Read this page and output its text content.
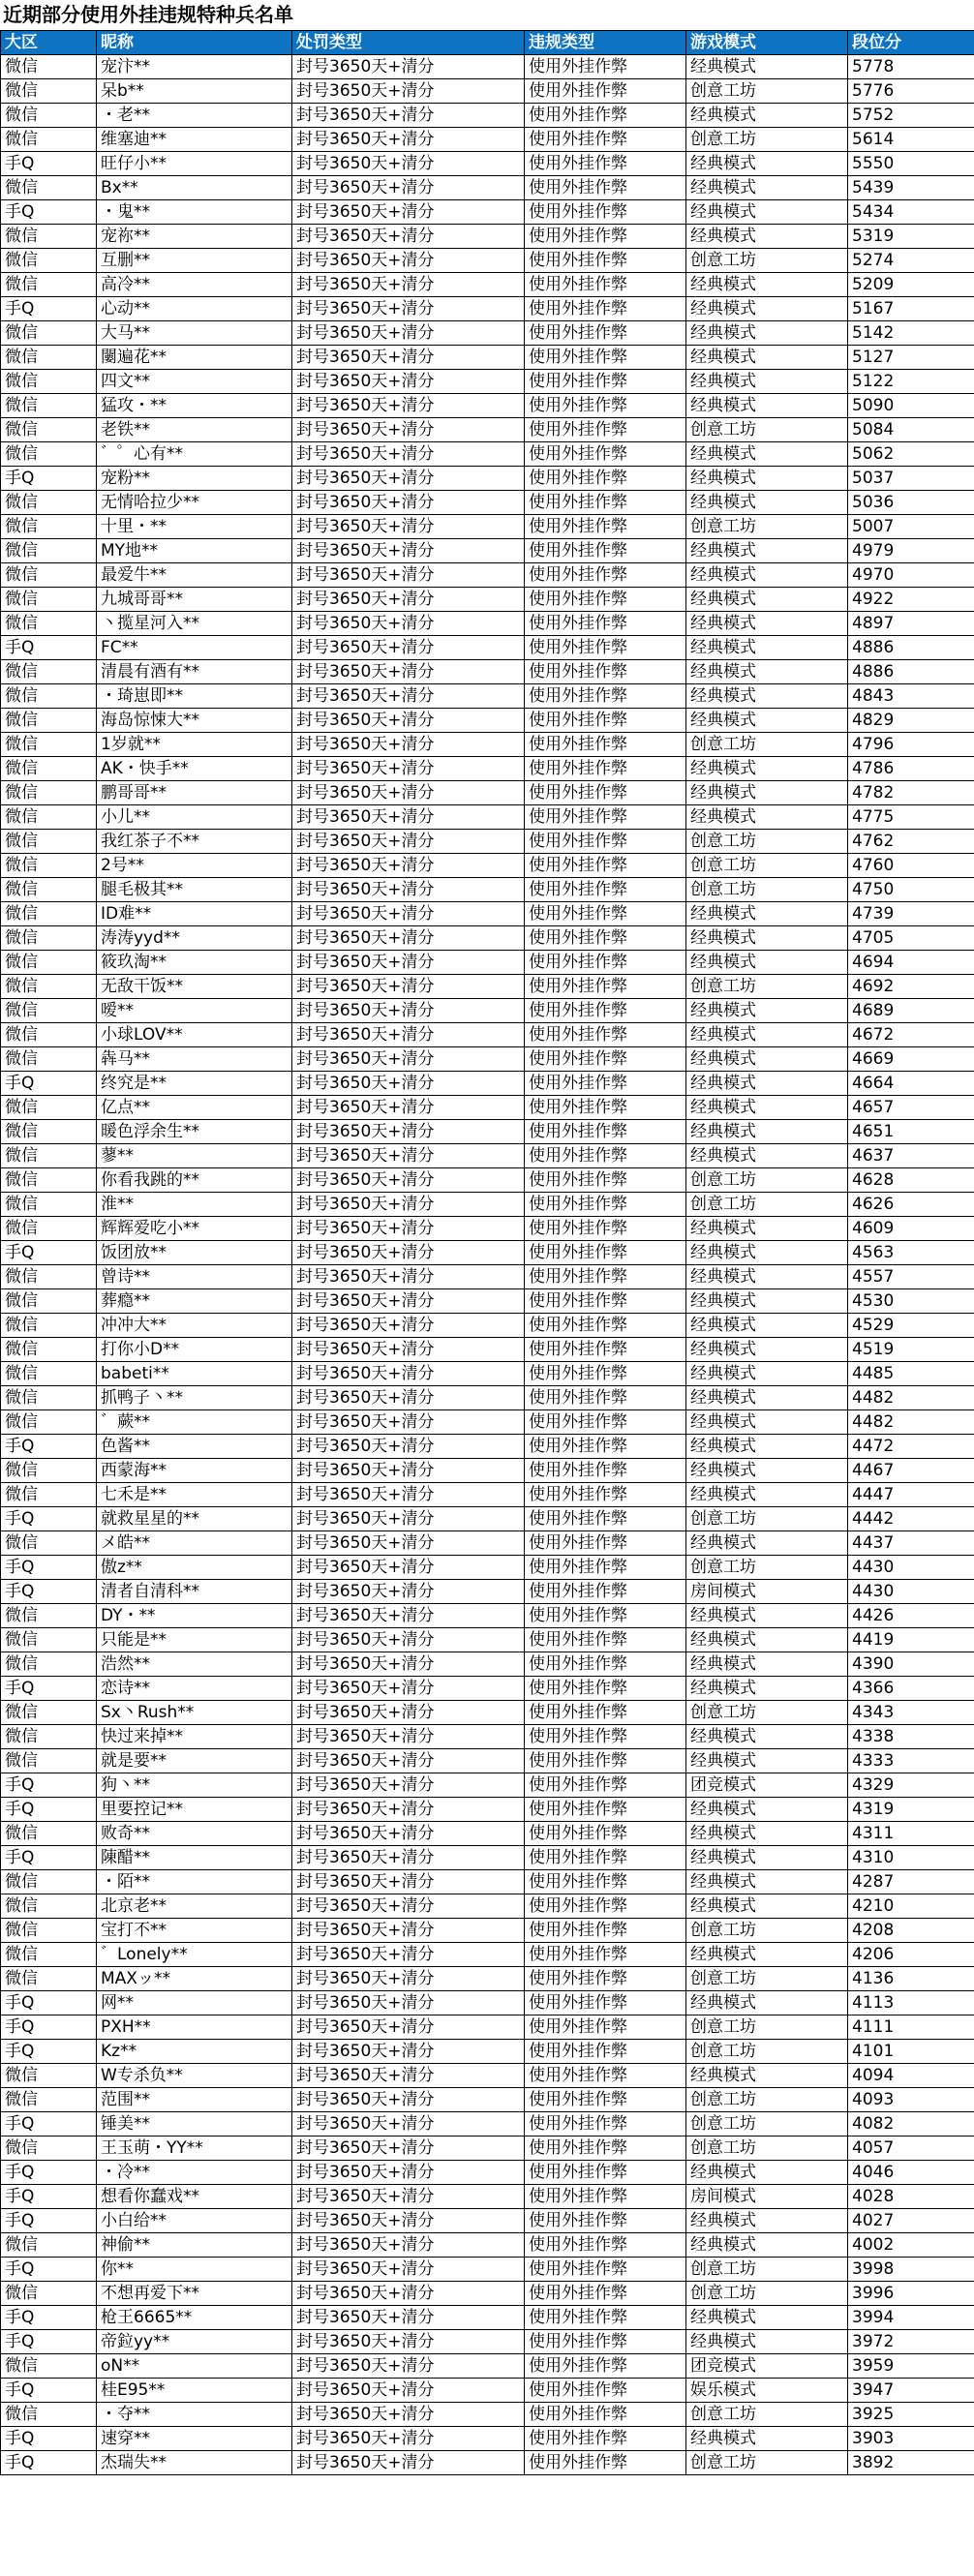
近期部分使用外挂违规特种兵名单
大区	昵称	处罚类型	违规类型	游戏模式	段位分
微信	宠汴**	封号3650天+清分	使用外挂作弊	经典模式	5778
微信	呆b**	封号3650天+清分	使用外挂作弊	创意工坊	5776
微信	・老**	封号3650天+清分	使用外挂作弊	经典模式	5752
微信	维塞迪**	封号3650天+清分	使用外挂作弊	创意工坊	5614
手Q	旺仔小**	封号3650天+清分	使用外挂作弊	经典模式	5550
微信	Bx**	封号3650天+清分	使用外挂作弊	经典模式	5439
手Q	・鬼**	封号3650天+清分	使用外挂作弊	经典模式	5434
微信	宠祢**	封号3650天+清分	使用外挂作弊	经典模式	5319
微信	互删**	封号3650天+清分	使用外挂作弊	创意工坊	5274
微信	高冷**	封号3650天+清分	使用外挂作弊	经典模式	5209
手Q	心动**	封号3650天+清分	使用外挂作弊	经典模式	5167
微信	大马**	封号3650天+清分	使用外挂作弊	经典模式	5142
微信	闄遍花**	封号3650天+清分	使用外挂作弊	经典模式	5127
微信	四文**	封号3650天+清分	使用外挂作弊	经典模式	5122
微信	猛攻・**	封号3650天+清分	使用外挂作弊	经典模式	5090
微信	老铁**	封号3650天+清分	使用外挂作弊	创意工坊	5084
微信	゛゜心有**	封号3650天+清分	使用外挂作弊	经典模式	5062
手Q	宠粉**	封号3650天+清分	使用外挂作弊	经典模式	5037
微信	无情哈拉少**	封号3650天+清分	使用外挂作弊	经典模式	5036
微信	十里・**	封号3650天+清分	使用外挂作弊	创意工坊	5007
微信	MY地**	封号3650天+清分	使用外挂作弊	经典模式	4979
微信	最爱牛**	封号3650天+清分	使用外挂作弊	经典模式	4970
微信	九城哥哥**	封号3650天+清分	使用外挂作弊	经典模式	4922
微信	丶揽星河入**	封号3650天+清分	使用外挂作弊	经典模式	4897
手Q	FC**	封号3650天+清分	使用外挂作弊	经典模式	4886
微信	清晨有酒有**	封号3650天+清分	使用外挂作弊	经典模式	4886
微信	・琦崽即**	封号3650天+清分	使用外挂作弊	经典模式	4843
微信	海岛惊悚大**	封号3650天+清分	使用外挂作弊	经典模式	4829
微信	1岁就**	封号3650天+清分	使用外挂作弊	创意工坊	4796
微信	AK・快手**	封号3650天+清分	使用外挂作弊	经典模式	4786
微信	鹏哥哥**	封号3650天+清分	使用外挂作弊	经典模式	4782
微信	小儿**	封号3650天+清分	使用外挂作弊	经典模式	4775
微信	我红茶子不**	封号3650天+清分	使用外挂作弊	创意工坊	4762
微信	2号**	封号3650天+清分	使用外挂作弊	创意工坊	4760
微信	腿毛极其**	封号3650天+清分	使用外挂作弊	创意工坊	4750
微信	ID难**	封号3650天+清分	使用外挂作弊	经典模式	4739
微信	涛涛yyd**	封号3650天+清分	使用外挂作弊	经典模式	4705
微信	筱玖淘**	封号3650天+清分	使用外挂作弊	经典模式	4694
微信	无敌干饭**	封号3650天+清分	使用外挂作弊	创意工坊	4692
微信	嗳**	封号3650天+清分	使用外挂作弊	经典模式	4689
微信	小球LOV**	封号3650天+清分	使用外挂作弊	经典模式	4672
微信	犇马**	封号3650天+清分	使用外挂作弊	经典模式	4669
手Q	终究是**	封号3650天+清分	使用外挂作弊	经典模式	4664
微信	亿点**	封号3650天+清分	使用外挂作弊	经典模式	4657
微信	暖色浮余生**	封号3650天+清分	使用外挂作弊	经典模式	4651
微信	蓼**	封号3650天+清分	使用外挂作弊	经典模式	4637
微信	你看我跳的**	封号3650天+清分	使用外挂作弊	创意工坊	4628
微信	淮**	封号3650天+清分	使用外挂作弊	创意工坊	4626
微信	辉辉爱吃小**	封号3650天+清分	使用外挂作弊	经典模式	4609
手Q	饭团放**	封号3650天+清分	使用外挂作弊	经典模式	4563
微信	曾诗**	封号3650天+清分	使用外挂作弊	经典模式	4557
微信	葬瘾**	封号3650天+清分	使用外挂作弊	经典模式	4530
微信	冲冲大**	封号3650天+清分	使用外挂作弊	经典模式	4529
微信	打你小D**	封号3650天+清分	使用外挂作弊	经典模式	4519
微信	babeti**	封号3650天+清分	使用外挂作弊	经典模式	4485
微信	抓鸭子丶**	封号3650天+清分	使用外挂作弊	经典模式	4482
微信	゛蕨**	封号3650天+清分	使用外挂作弊	经典模式	4482
手Q	色酱**	封号3650天+清分	使用外挂作弊	经典模式	4472
微信	西蒙海**	封号3650天+清分	使用外挂作弊	经典模式	4467
微信	七禾是**	封号3650天+清分	使用外挂作弊	经典模式	4447
手Q	就救星星的**	封号3650天+清分	使用外挂作弊	创意工坊	4442
微信	メ皓**	封号3650天+清分	使用外挂作弊	经典模式	4437
手Q	傲z**	封号3650天+清分	使用外挂作弊	创意工坊	4430
手Q	清者自清科**	封号3650天+清分	使用外挂作弊	房间模式	4430
微信	DY・**	封号3650天+清分	使用外挂作弊	经典模式	4426
微信	只能是**	封号3650天+清分	使用外挂作弊	经典模式	4419
微信	浩然**	封号3650天+清分	使用外挂作弊	经典模式	4390
手Q	恋诗**	封号3650天+清分	使用外挂作弊	经典模式	4366
微信	Sx丶Rush**	封号3650天+清分	使用外挂作弊	创意工坊	4343
微信	快过来掉**	封号3650天+清分	使用外挂作弊	经典模式	4338
微信	就是要**	封号3650天+清分	使用外挂作弊	经典模式	4333
手Q	狗丶**	封号3650天+清分	使用外挂作弊	团竞模式	4329
手Q	里要控记**	封号3650天+清分	使用外挂作弊	经典模式	4319
微信	败奇**	封号3650天+清分	使用外挂作弊	经典模式	4311
手Q	陳醋**	封号3650天+清分	使用外挂作弊	经典模式	4310
微信	・陌**	封号3650天+清分	使用外挂作弊	经典模式	4287
微信	北京老**	封号3650天+清分	使用外挂作弊	经典模式	4210
微信	宝打不**	封号3650天+清分	使用外挂作弊	创意工坊	4208
微信	゛Lonely**	封号3650天+清分	使用外挂作弊	经典模式	4206
微信	MAXッ**	封号3650天+清分	使用外挂作弊	创意工坊	4136
手Q	网**	封号3650天+清分	使用外挂作弊	经典模式	4113
手Q	PXH**	封号3650天+清分	使用外挂作弊	创意工坊	4111
手Q	Kz**	封号3650天+清分	使用外挂作弊	创意工坊	4101
微信	W专杀负**	封号3650天+清分	使用外挂作弊	经典模式	4094
微信	范围**	封号3650天+清分	使用外挂作弊	创意工坊	4093
手Q	锤美**	封号3650天+清分	使用外挂作弊	创意工坊	4082
微信	王玉萌・YY**	封号3650天+清分	使用外挂作弊	创意工坊	4057
手Q	・冷**	封号3650天+清分	使用外挂作弊	经典模式	4046
手Q	想看你蠢戏**	封号3650天+清分	使用外挂作弊	房间模式	4028
手Q	小白给**	封号3650天+清分	使用外挂作弊	经典模式	4027
微信	神偷**	封号3650天+清分	使用外挂作弊	经典模式	4002
手Q	你**	封号3650天+清分	使用外挂作弊	创意工坊	3998
微信	不想再爱下**	封号3650天+清分	使用外挂作弊	创意工坊	3996
手Q	枪王6665**	封号3650天+清分	使用外挂作弊	经典模式	3994
手Q	帝鉝yy**	封号3650天+清分	使用外挂作弊	经典模式	3972
微信	oN**	封号3650天+清分	使用外挂作弊	团竞模式	3959
手Q	桂E95**	封号3650天+清分	使用外挂作弊	娱乐模式	3947
微信	・夺**	封号3650天+清分	使用外挂作弊	创意工坊	3925
手Q	速穿**	封号3650天+清分	使用外挂作弊	经典模式	3903
手Q	杰瑞失**	封号3650天+清分	使用外挂作弊	创意工坊	3892
